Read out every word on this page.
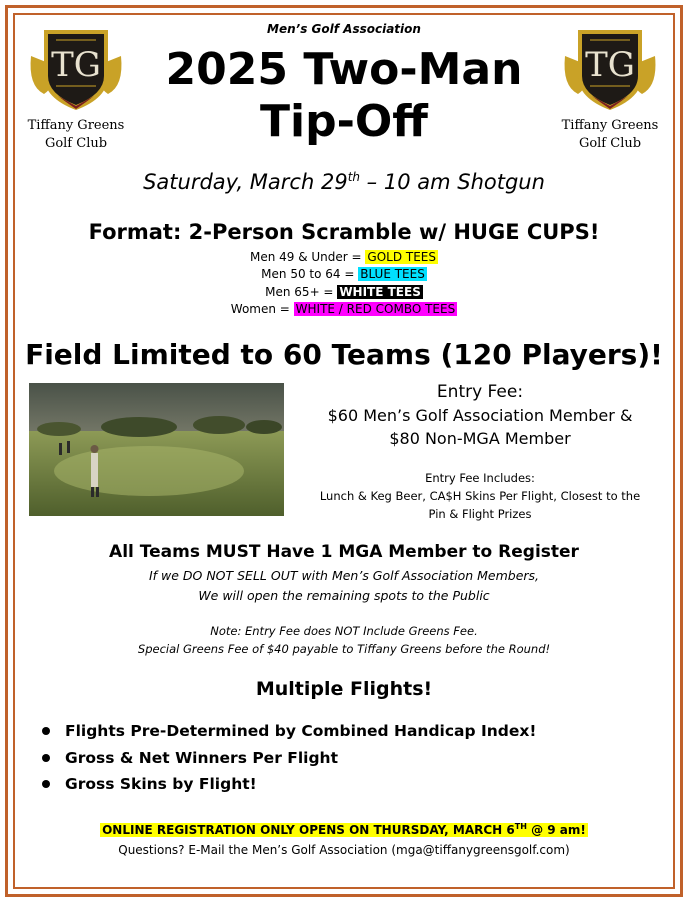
TG
Tiffany Greens
Golf Club
TG
Tiffany Greens
Golf Club
Men’s Golf Association
2025 Two-Man
Tip-Off
Saturday, March 29th – 10 am Shotgun
Format: 2-Person Scramble w/ HUGE CUPS!
Men 49 & Under = GOLD TEES
Men 50 to 64 = BLUE TEES
Men 65+ = WHITE TEES
Women = WHITE / RED COMBO TEES
Field Limited to 60 Teams (120 Players)!
Entry Fee:
$60 Men’s Golf Association Member &
$80 Non-MGA Member
Entry Fee Includes:
Lunch & Keg Beer, CA$H Skins Per Flight, Closest to the
Pin & Flight Prizes
All Teams MUST Have 1 MGA Member to Register
If we DO NOT SELL OUT with Men’s Golf Association Members,
We will open the remaining spots to the Public
Note: Entry Fee does NOT Include Greens Fee.
Special Greens Fee of $40 payable to Tiffany Greens before the Round!
Multiple Flights!
Flights Pre-Determined by Combined Handicap Index!
Gross & Net Winners Per Flight
Gross Skins by Flight!
ONLINE REGISTRATION ONLY OPENS ON THURSDAY, MARCH 6TH @ 9 am!
Questions? E-Mail the Men’s Golf Association (mga@tiffanygreensgolf.com)
